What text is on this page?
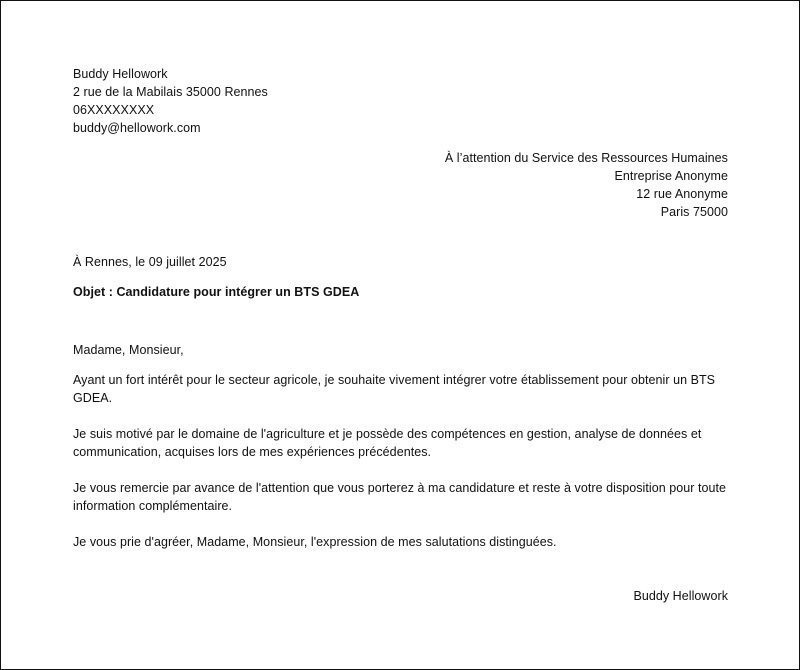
Buddy Hellowork
2 rue de la Mabilais 35000 Rennes
06XXXXXXXX
buddy@hellowork.com
À l’attention du Service des Ressources Humaines
Entreprise Anonyme
12 rue Anonyme
Paris 75000
À Rennes, le 09 juillet 2025
Objet : Candidature pour intégrer un BTS GDEA
Madame, Monsieur,
Ayant un fort intérêt pour le secteur agricole, je souhaite vivement intégrer votre établissement pour obtenir un BTS GDEA.
Je suis motivé par le domaine de l'agriculture et je possède des compétences en gestion, analyse de données et communication, acquises lors de mes expériences précédentes.
Je vous remercie par avance de l'attention que vous porterez à ma candidature et reste à votre disposition pour toute information complémentaire.
Je vous prie d'agréer, Madame, Monsieur, l'expression de mes salutations distinguées.
Buddy Hellowork
